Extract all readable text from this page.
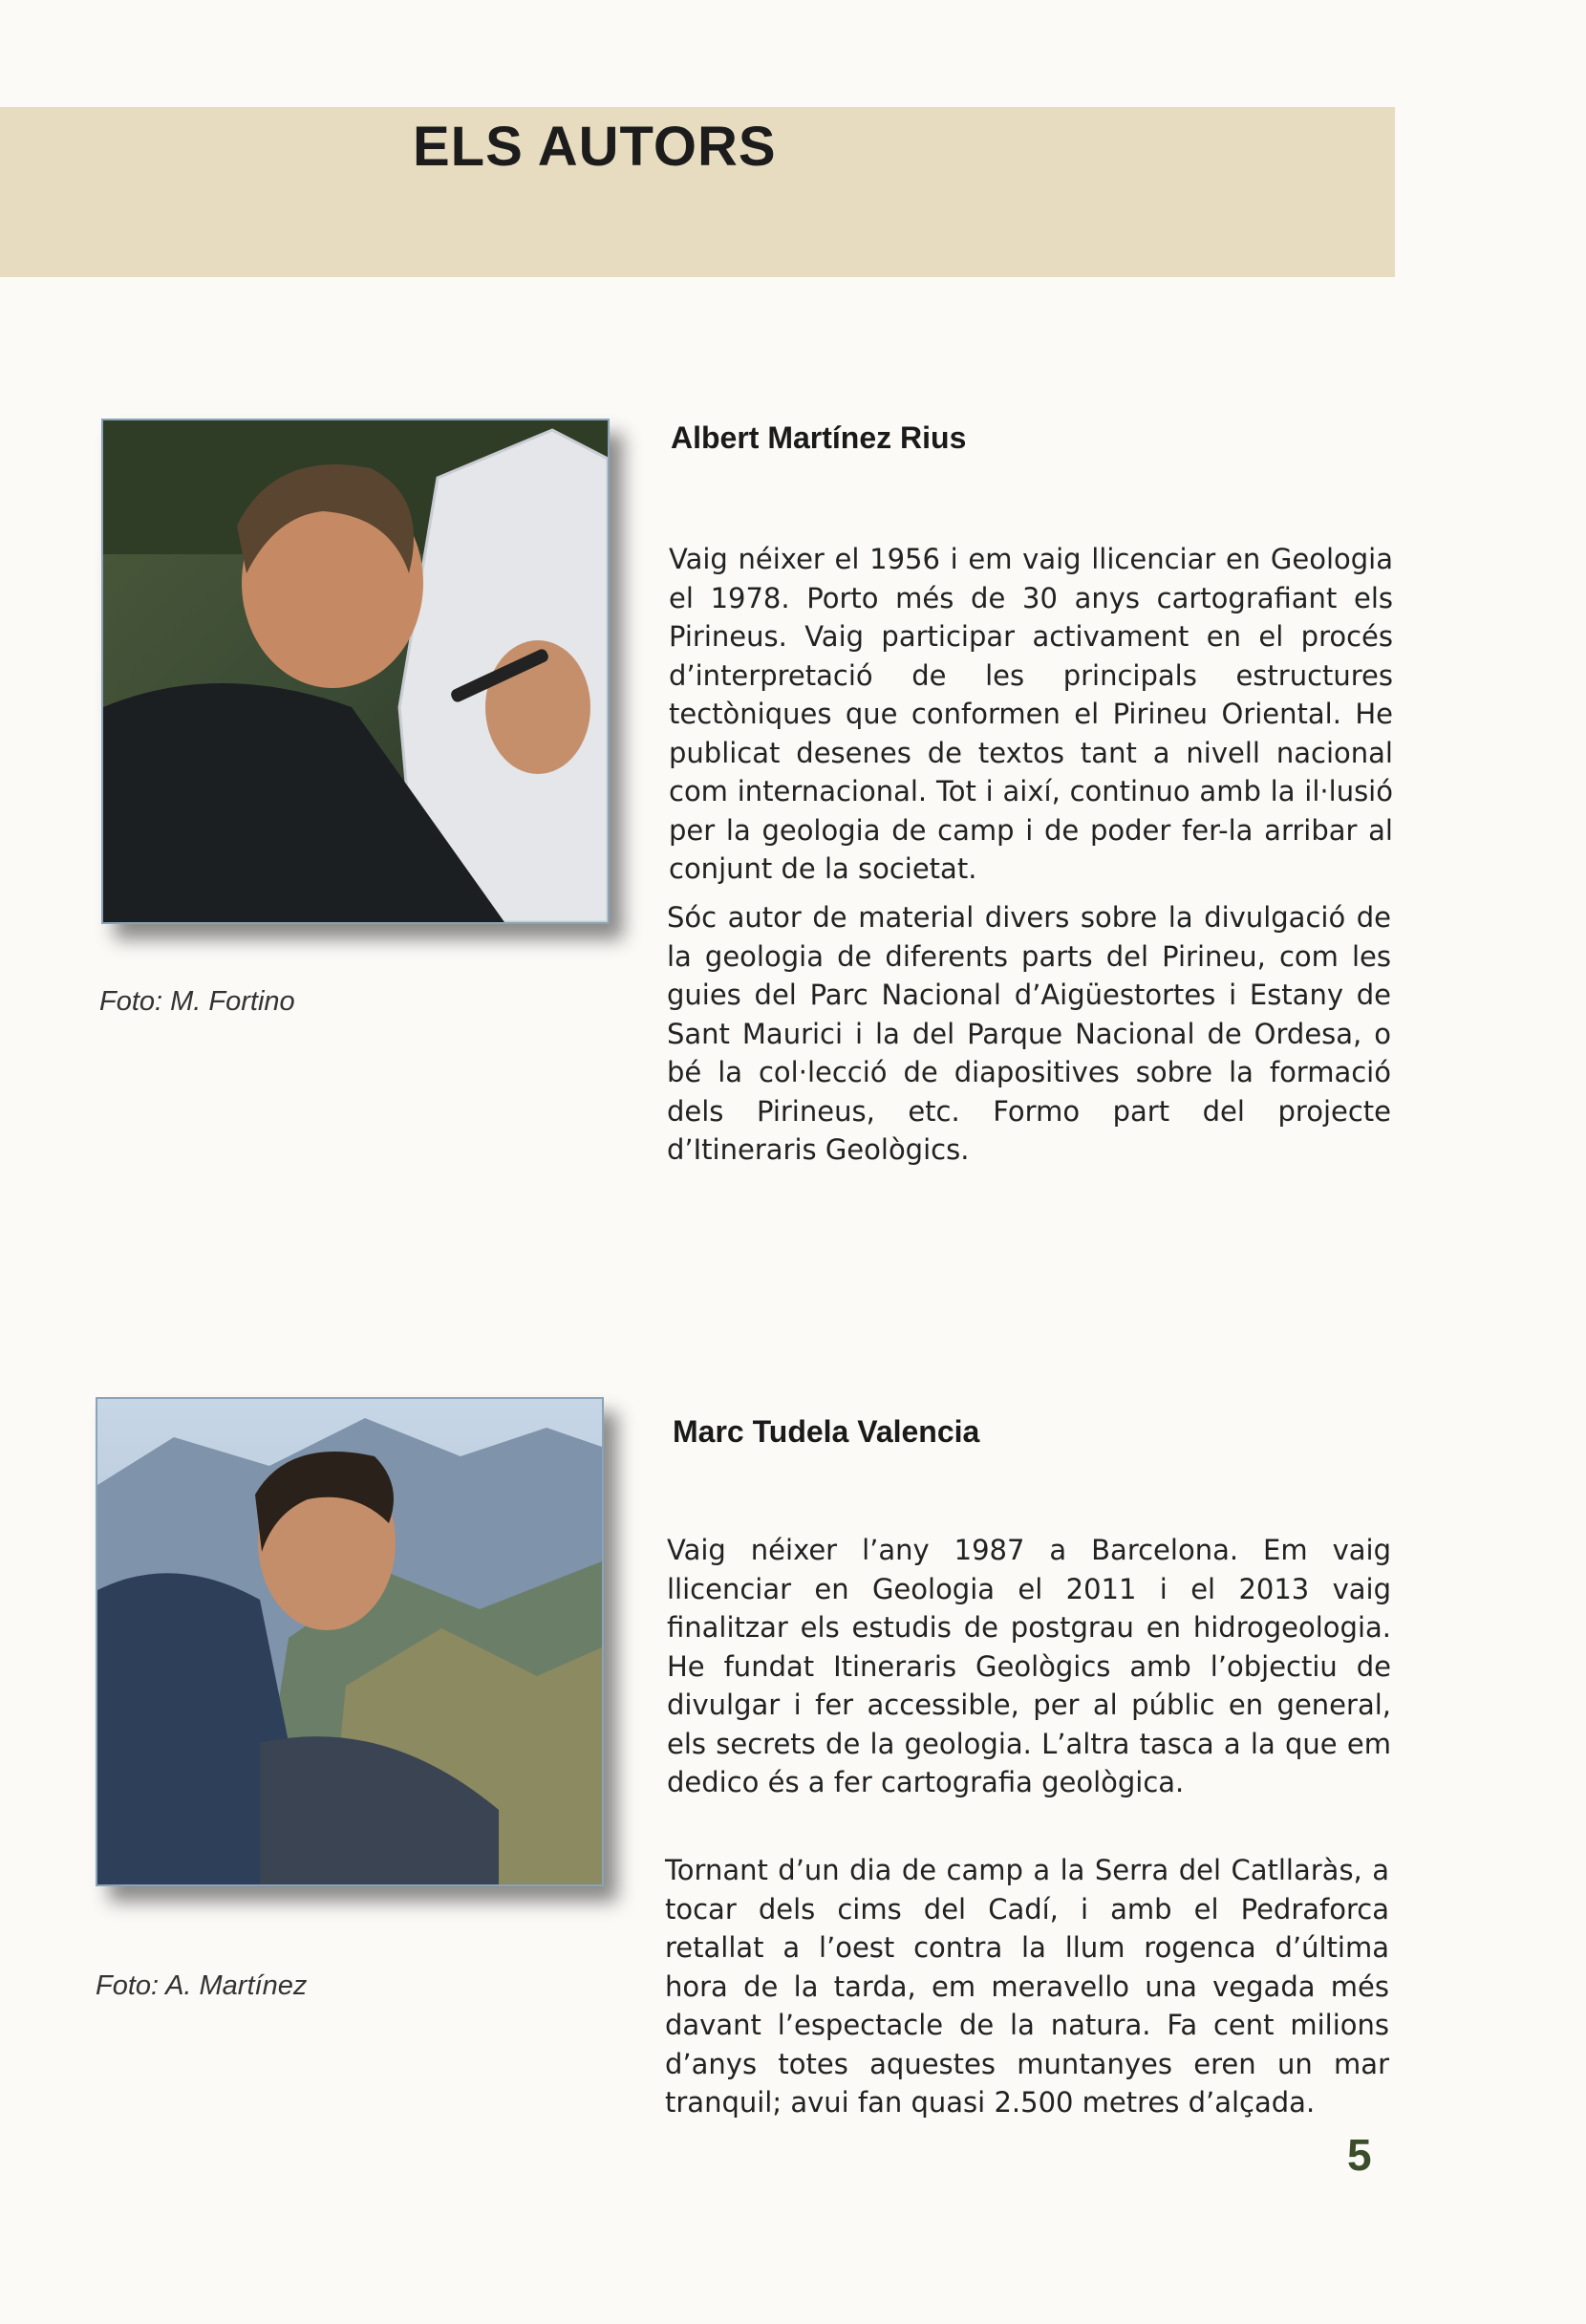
ELS AUTORS
Foto: M. Fortino
Albert Martínez Rius

Vaig néixer el 1956 i em vaig llicenciar en Geologia el 1978. Porto més de 30 anys cartografiant els Pirineus. Vaig participar activament en el procés d’interpretació de les principals estructures tectòniques que conformen el Pirineu Oriental. He publicat desenes de textos tant a nivell nacional com internacional. Tot i així, continuo amb la il·lusió per la geologia de camp i de poder fer-la arribar al conjunt de la societat.

Sóc autor de material divers sobre la divulgació de la geologia de diferents parts del Pirineu, com les guies del Parc Nacional d’Aigüestortes i Estany de Sant Maurici i la del Parque Nacional de Ordesa, o bé la col·lecció de diapositives sobre la formació dels Pirineus, etc. Formo part del projecte d’Itineraris Geològics.

Foto: A. Martínez
Marc Tudela Valencia

Vaig néixer l’any 1987 a Barcelona. Em vaig llicenciar en Geologia el 2011 i el 2013 vaig finalitzar els estudis de postgrau en hidrogeologia. He fundat Itineraris Geològics amb l’objectiu de divulgar i fer accessible, per al públic en general, els secrets de la geologia. L’altra tasca a la que em dedico és a fer cartografia geològica.

Tornant d’un dia de camp a la Serra del Catllaràs, a tocar dels cims del Cadí, i amb el Pedraforca retallat a l’oest contra la llum rogenca d’última hora de la tarda, em meravello una vegada més davant l’espectacle de la natura. Fa cent milions d’anys totes aquestes muntanyes eren un mar tranquil; avui fan quasi 2.500 metres d’alçada.

5
